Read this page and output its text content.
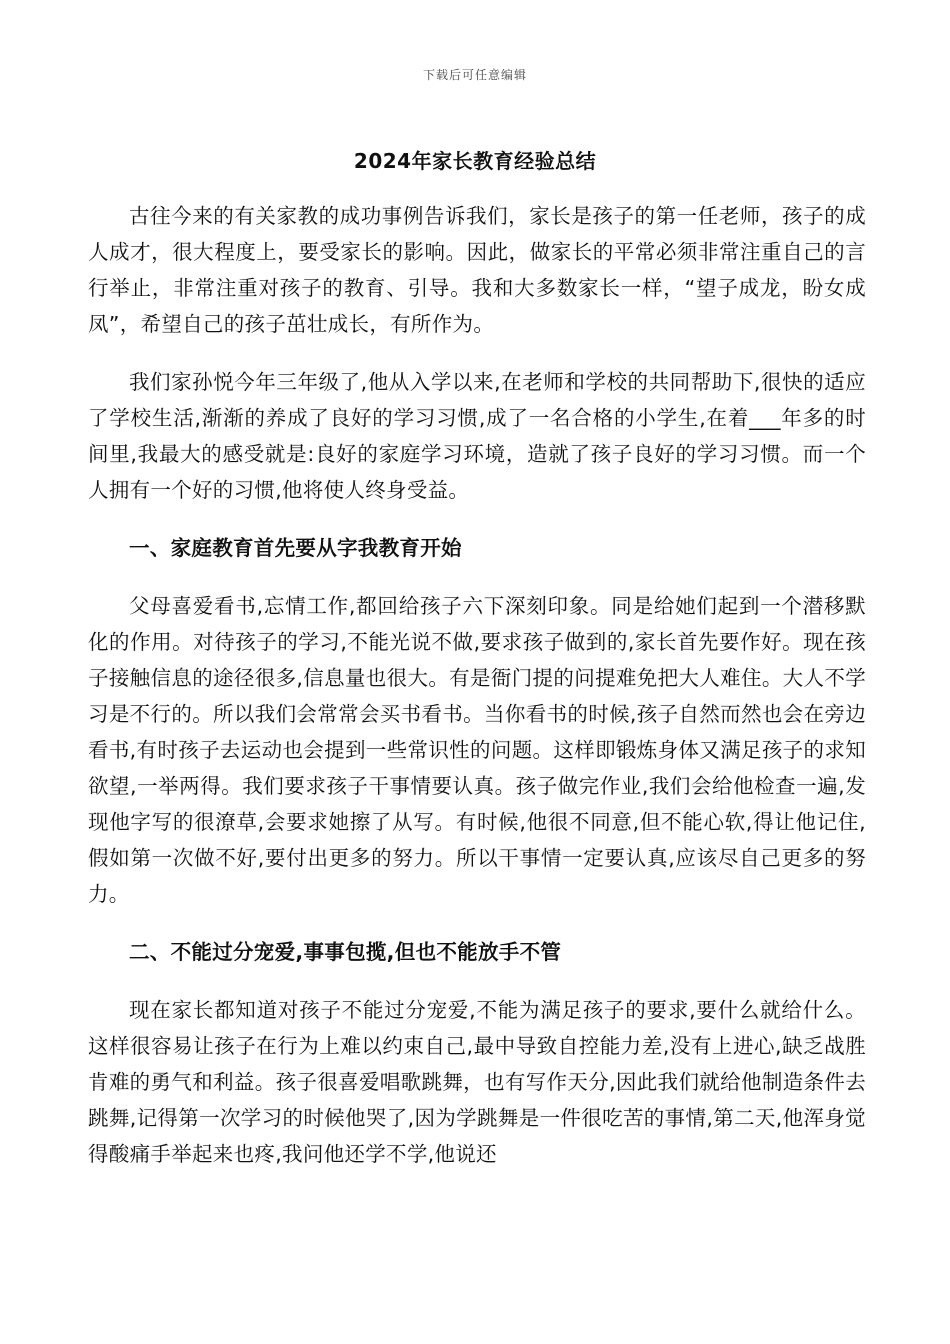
下载后可任意编辑
2024年家长教育经验总结

古往今来的有关家教的成功事例告诉我们，家长是孩子的第一任老师，孩子的成人成才，很大程度上，要受家长的影响。因此，做家长的平常必须非常注重自己的言行举止，非常注重对孩子的教育、引导。我和大多数家长一样，“望子成龙，盼女成凤”，希望自己的孩子茁壮成长，有所作为。

我们家孙悦今年三年级了,他从入学以来,在老师和学校的共同帮助下,很快的适应了学校生活,渐渐的养成了良好的学习习惯,成了一名合格的小学生,在着___年多的时间里,我最大的感受就是:良好的家庭学习环境，造就了孩子良好的学习习惯。而一个人拥有一个好的习惯,他将使人终身受益。

一、家庭教育首先要从字我教育开始

父母喜爱看书,忘情工作,都回给孩子六下深刻印象。同是给她们起到一个潜移默化的作用。对待孩子的学习,不能光说不做,要求孩子做到的,家长首先要作好。现在孩子接触信息的途径很多,信息量也很大。有是衙门提的问提难免把大人难住。大人不学习是不行的。所以我们会常常会买书看书。当你看书的时候,孩子自然而然也会在旁边看书,有时孩子去运动也会提到一些常识性的问题。这样即锻炼身体又满足孩子的求知欲望,一举两得。我们要求孩子干事情要认真。孩子做完作业,我们会给他检查一遍,发现他字写的很潦草,会要求她擦了从写。有时候,他很不同意,但不能心软,得让他记住,假如第一次做不好,要付出更多的努力。所以干事情一定要认真,应该尽自己更多的努力。

二、不能过分宠爱,事事包揽,但也不能放手不管

现在家长都知道对孩子不能过分宠爱,不能为满足孩子的要求,要什么就给什么。这样很容易让孩子在行为上难以约束自己,最中导致自控能力差,没有上进心,缺乏战胜肯难的勇气和利益。孩子很喜爱唱歌跳舞，也有写作天分,因此我们就给他制造条件去跳舞,记得第一次学习的时候他哭了,因为学跳舞是一件很吃苦的事情,第二天,他浑身觉得酸痛手举起来也疼,我问他还学不学,他说还
